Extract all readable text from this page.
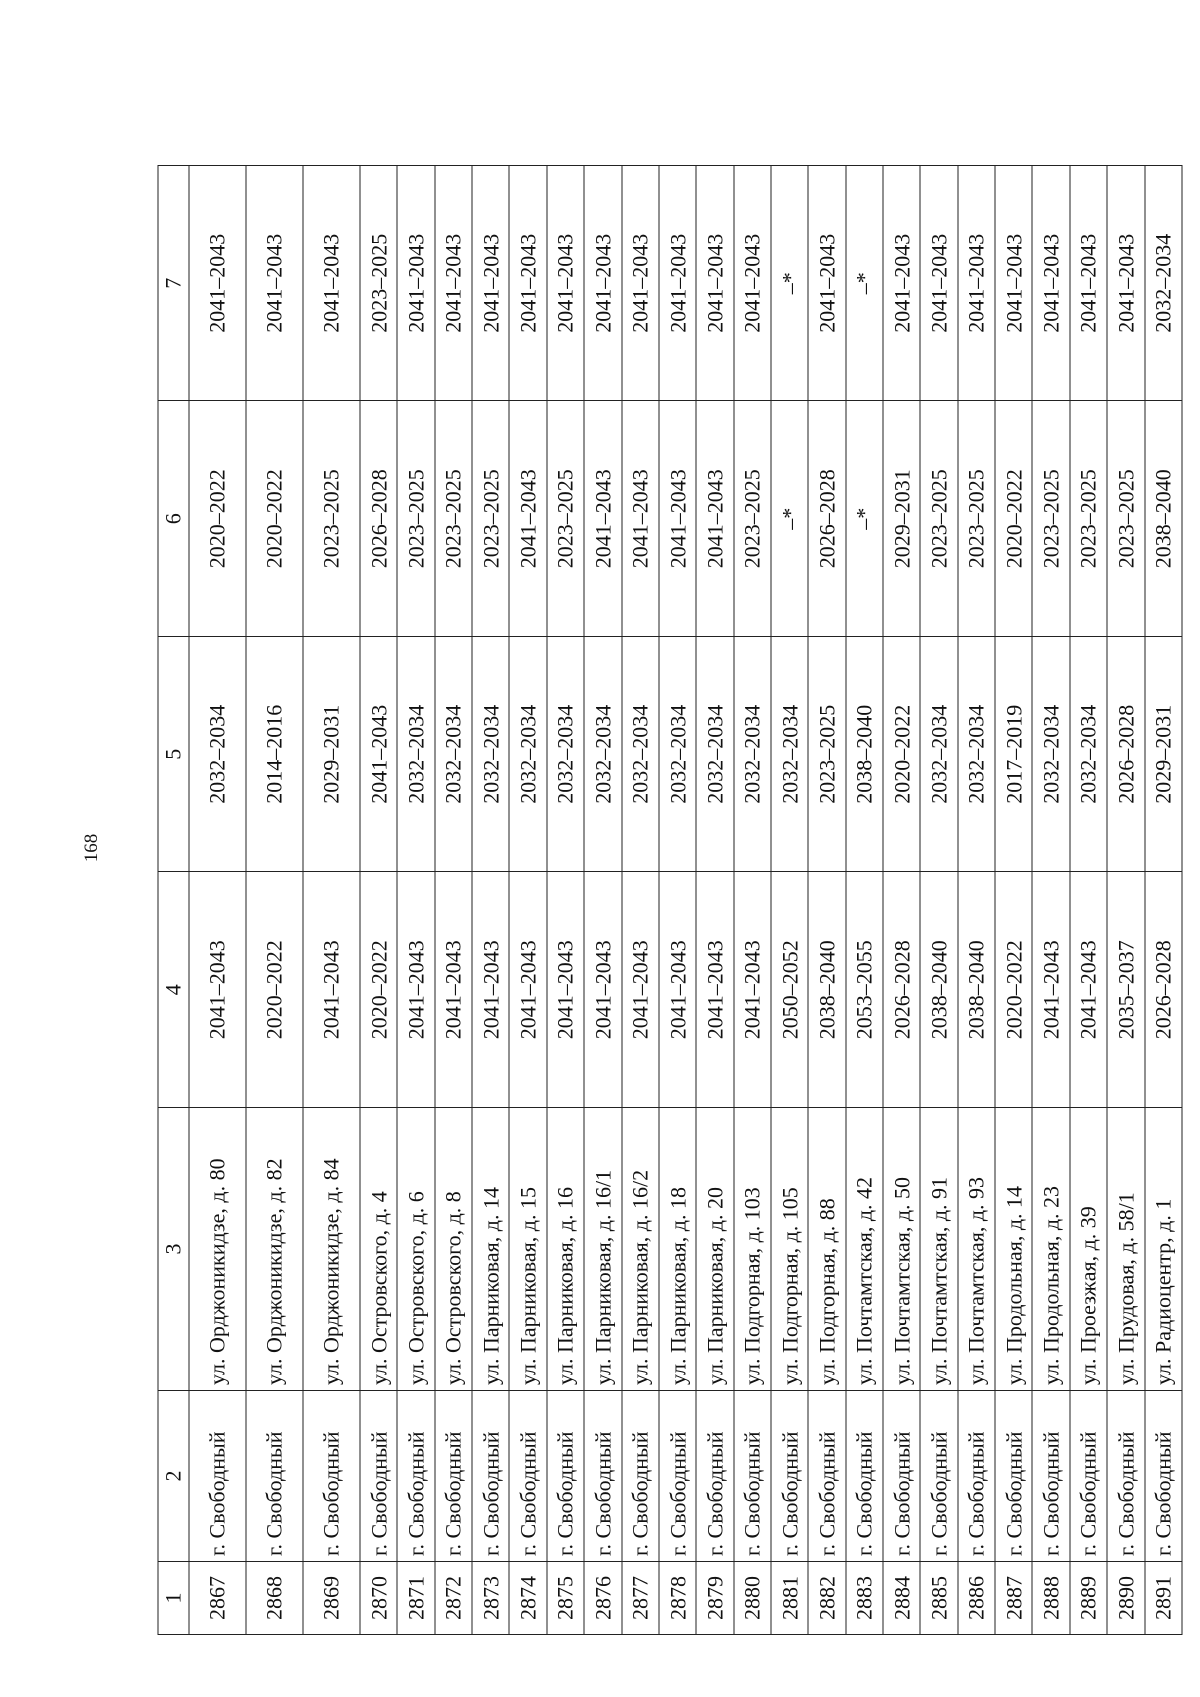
168
1	2	3	4	5	6	7
2867	г. Свободный	ул. Орджоникидзе, д. 80	2041–2043	2032–2034	2020–2022	2041–2043
2868	г. Свободный	ул. Орджоникидзе, д. 82	2020–2022	2014–2016	2020–2022	2041–2043
2869	г. Свободный	ул. Орджоникидзе, д. 84	2041–2043	2029–2031	2023–2025	2041–2043
2870	г. Свободный	ул. Островского, д. 4	2020–2022	2041–2043	2026–2028	2023–2025
2871	г. Свободный	ул. Островского, д. 6	2041–2043	2032–2034	2023–2025	2041–2043
2872	г. Свободный	ул. Островского, д. 8	2041–2043	2032–2034	2023–2025	2041–2043
2873	г. Свободный	ул. Парниковая, д. 14	2041–2043	2032–2034	2023–2025	2041–2043
2874	г. Свободный	ул. Парниковая, д. 15	2041–2043	2032–2034	2041–2043	2041–2043
2875	г. Свободный	ул. Парниковая, д. 16	2041–2043	2032–2034	2023–2025	2041–2043
2876	г. Свободный	ул. Парниковая, д. 16/1	2041–2043	2032–2034	2041–2043	2041–2043
2877	г. Свободный	ул. Парниковая, д. 16/2	2041–2043	2032–2034	2041–2043	2041–2043
2878	г. Свободный	ул. Парниковая, д. 18	2041–2043	2032–2034	2041–2043	2041–2043
2879	г. Свободный	ул. Парниковая, д. 20	2041–2043	2032–2034	2041–2043	2041–2043
2880	г. Свободный	ул. Подгорная, д. 103	2041–2043	2032–2034	2023–2025	2041–2043
2881	г. Свободный	ул. Подгорная, д. 105	2050–2052	2032–2034	–*	–*
2882	г. Свободный	ул. Подгорная, д. 88	2038–2040	2023–2025	2026–2028	2041–2043
2883	г. Свободный	ул. Почтамтская, д. 42	2053–2055	2038–2040	–*	–*
2884	г. Свободный	ул. Почтамтская, д. 50	2026–2028	2020–2022	2029–2031	2041–2043
2885	г. Свободный	ул. Почтамтская, д. 91	2038–2040	2032–2034	2023–2025	2041–2043
2886	г. Свободный	ул. Почтамтская, д. 93	2038–2040	2032–2034	2023–2025	2041–2043
2887	г. Свободный	ул. Продольная, д. 14	2020–2022	2017–2019	2020–2022	2041–2043
2888	г. Свободный	ул. Продольная, д. 23	2041–2043	2032–2034	2023–2025	2041–2043
2889	г. Свободный	ул. Проезжая, д. 39	2041–2043	2032–2034	2023–2025	2041–2043
2890	г. Свободный	ул. Прудовая, д. 58/1	2035–2037	2026–2028	2023–2025	2041–2043
2891	г. Свободный	ул. Радиоцентр, д. 1	2026–2028	2029–2031	2038–2040	2032–2034
